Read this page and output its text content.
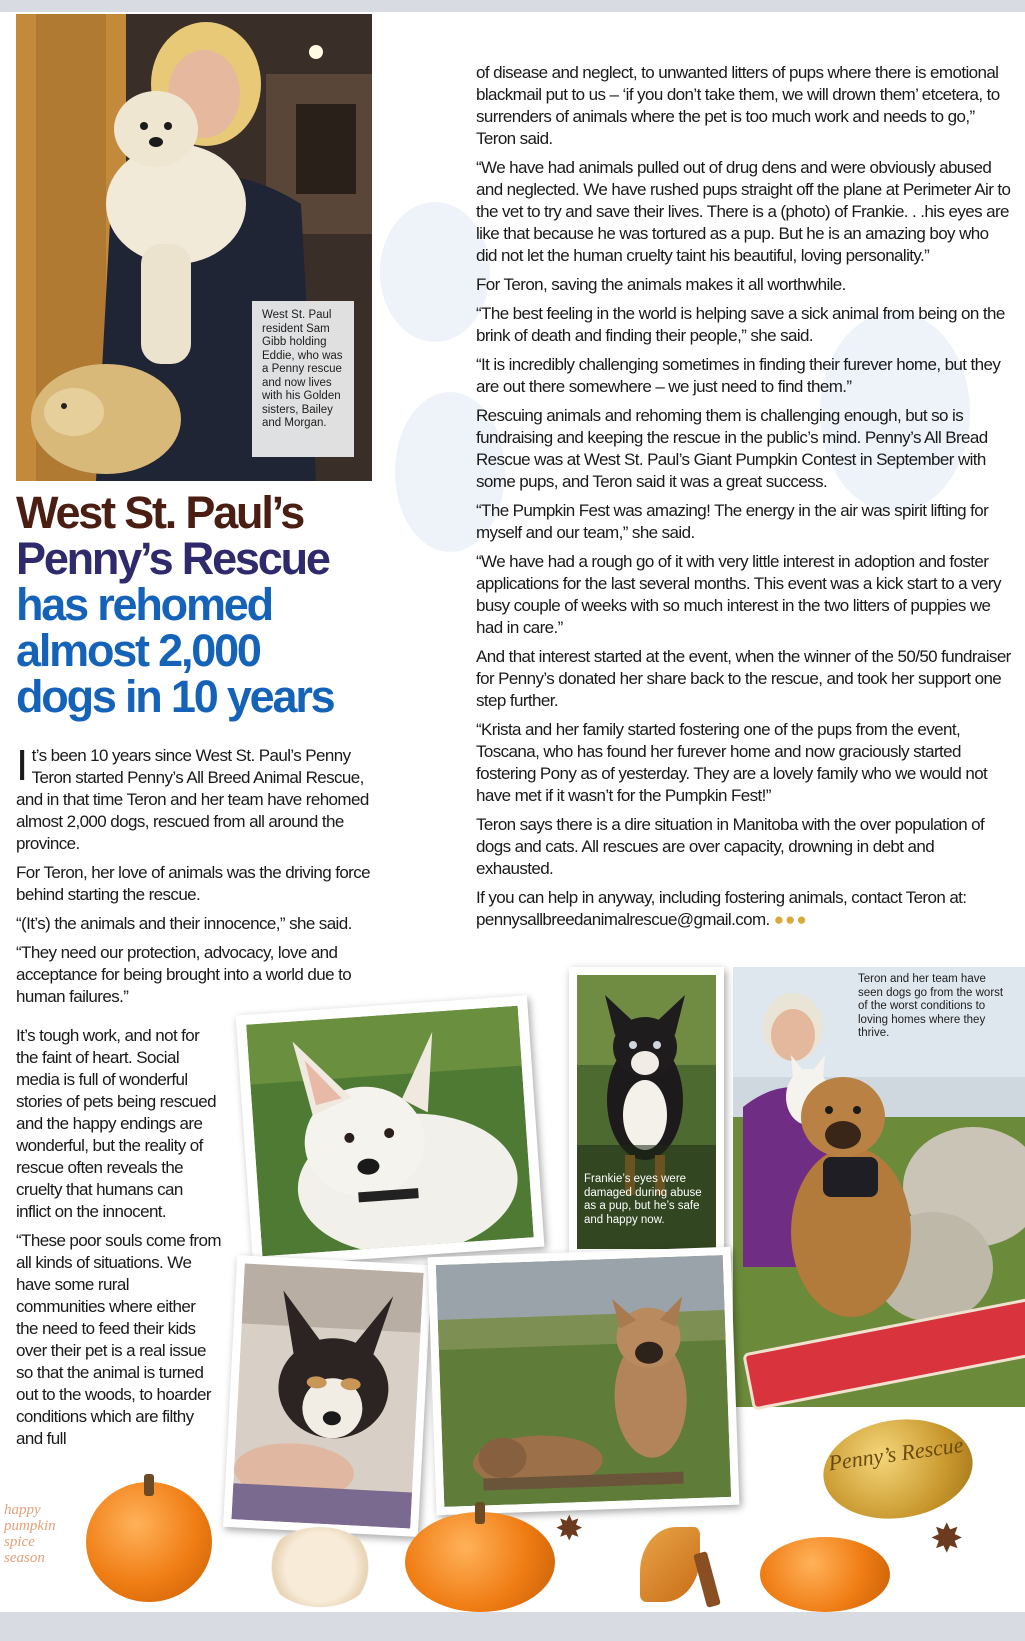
West St. Paul resident Sam Gibb holding Eddie, who was a Penny rescue and now lives with his Golden sisters, Bailey and Morgan.
West St. Paul’s
Penny’s Rescue
has rehomed
almost 2,000
dogs in 10 years

It’s been 10 years since West St. Paul’s Penny Teron started Penny’s All Breed Animal Rescue, and in that time Teron and her team have rehomed almost 2,000 dogs, rescued from all around the province.

For Teron, her love of animals was the driving force behind starting the rescue.

“(It’s) the animals and their innocence,” she said.

“They need our protection, advocacy, love and acceptance for being brought into a world due to human failures.”

It’s tough work, and not for the faint of heart. Social media is full of wonderful stories of pets being rescued and the happy endings are wonderful, but the reality of rescue often reveals the cruelty that humans can inflict on the innocent.

“These poor souls come from all kinds of situations. We have some rural communities where either the need to feed their kids over their pet is a real issue so that the animal is turned out to the woods, to hoarder conditions which are filthy and full

of disease and neglect, to unwanted litters of pups where there is emotional blackmail put to us – ‘if you don’t take them, we will drown them’ etcetera, to surrenders of animals where the pet is too much work and needs to go,” Teron said.

“We have had animals pulled out of drug dens and were obviously abused and neglected. We have rushed pups straight off the plane at Perimeter Air to the vet to try and save their lives. There is a (photo) of Frankie. . .his eyes are like that because he was tortured as a pup. But he is an amazing boy who did not let the human cruelty taint his beautiful, loving personality.”

For Teron, saving the animals makes it all worthwhile.

“The best feeling in the world is helping save a sick animal from being on the brink of death and finding their people,” she said.

“It is incredibly challenging sometimes in finding their furever home, but they are out there somewhere – we just need to find them.”

Rescuing animals and rehoming them is challenging enough, but so is fundraising and keeping the rescue in the public’s mind. Penny’s All Bread Rescue was at West St. Paul’s Giant Pumpkin Contest in September with some pups, and Teron said it was a great success.

“The Pumpkin Fest was amazing! The energy in the air was spirit lifting for myself and our team,” she said.

“We have had a rough go of it with very little interest in adoption and foster applications for the last several months. This event was a kick start to a very busy couple of weeks with so much interest in the two litters of puppies we had in care.”

And that interest started at the event, when the winner of the 50/50 fundraiser for Penny’s donated her share back to the rescue, and took her support one step further.

“Krista and her family started fostering one of the pups from the event, Toscana, who has found her furever home and now graciously started fostering Pony as of yesterday. They are a lovely family who we would not have met if it wasn’t for the Pumpkin Fest!”

Teron says there is a dire situation in Manitoba with the over population of dogs and cats. All rescues are over capacity, drowning in debt and exhausted.

If you can help in anyway, including fostering animals, contact Teron at: pennysallbreedanimalrescue@gmail.com. ●●●

Frankie’s eyes were damaged during abuse as a pup, but he’s safe and happy now.
Teron and her team have seen dogs go from the worst of the worst conditions to loving homes where they thrive.
Penny’s Rescue
happy pumpkin spice season
✸	✸
